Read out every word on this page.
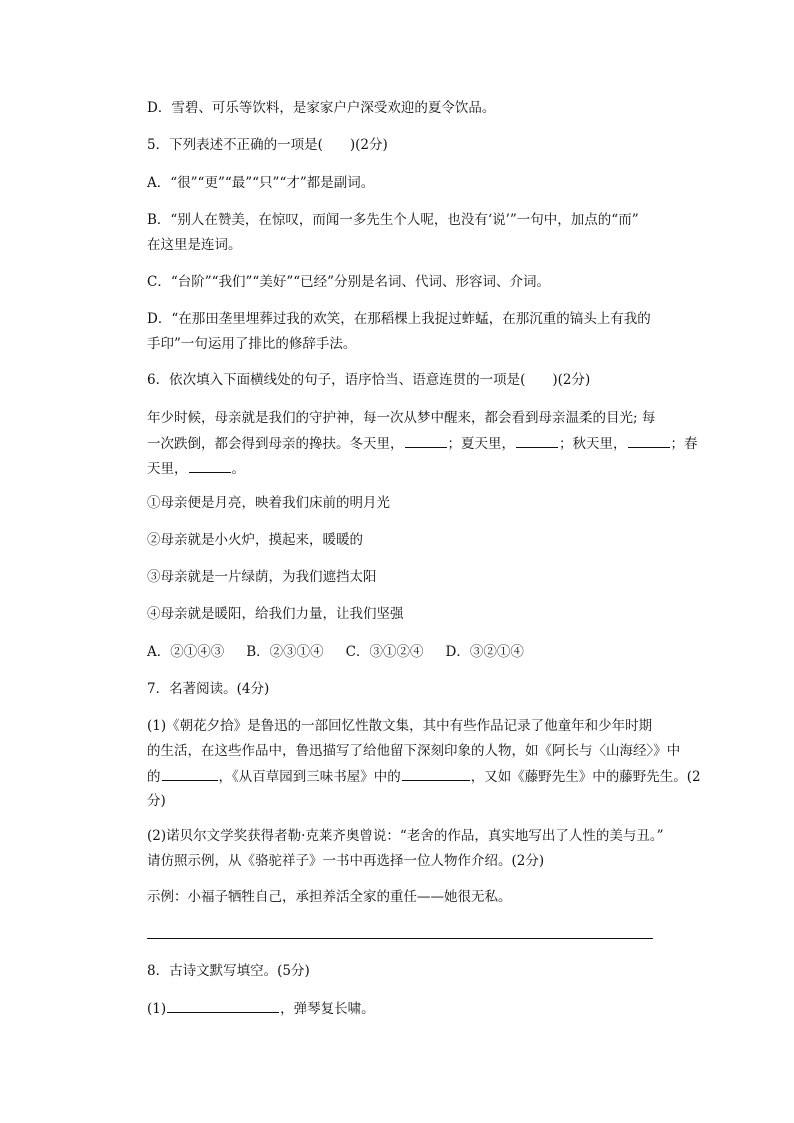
D．雪碧、可乐等饮料，是家家户户深受欢迎的夏令饮品。
5．下列表述不正确的一项是(　　)(2分)
A．“很”“更”“最”“只”“才”都是副词。
B．“别人在赞美，在惊叹，而闻一多先生个人呢，也没有‘说’”一句中，加点的“而”
在这里是连词。
C．“台阶”“我们”“美好”“已经”分别是名词、代词、形容词、介词。
D．“在那田垄里埋葬过我的欢笑，在那稻棵上我捉过蚱蜢，在那沉重的镐头上有我的
手印”一句运用了排比的修辞手法。
6．依次填入下面横线处的句子，语序恰当、语意连贯的一项是(　　)(2分)
年少时候，母亲就是我们的守护神，每一次从梦中醒来，都会看到母亲温柔的目光; 每
一次跌倒，都会得到母亲的搀扶。冬天里，	；夏天里，	；秋天里，	；春
天里，	。
①母亲便是月亮，映着我们床前的明月光
②母亲就是小火炉，摸起来，暖暖的
③母亲就是一片绿荫，为我们遮挡太阳
④母亲就是暖阳，给我们力量，让我们坚强
A．②①④③ B．②③①④ C．③①②④ D．③②①④
7．名著阅读。(4分)
(1)《朝花夕拾》是鲁迅的一部回忆性散文集，其中有些作品记录了他童年和少年时期
的生活，在这些作品中，鲁迅描写了给他留下深刻印象的人物，如《阿长与〈山海经〉》中
的	，《从百草园到三味书屋》中的	，又如《藤野先生》中的藤野先生。(2
分)
(2)诺贝尔文学奖获得者勒·克莱齐奥曾说：“老舍的作品，真实地写出了人性的美与丑。”
请仿照示例，从《骆驼祥子》一书中再选择一位人物作介绍。(2分)
示例：小福子牺牲自己，承担养活全家的重任——她很无私。
8．古诗文默写填空。(5分)
(1)	，弹琴复长啸。
